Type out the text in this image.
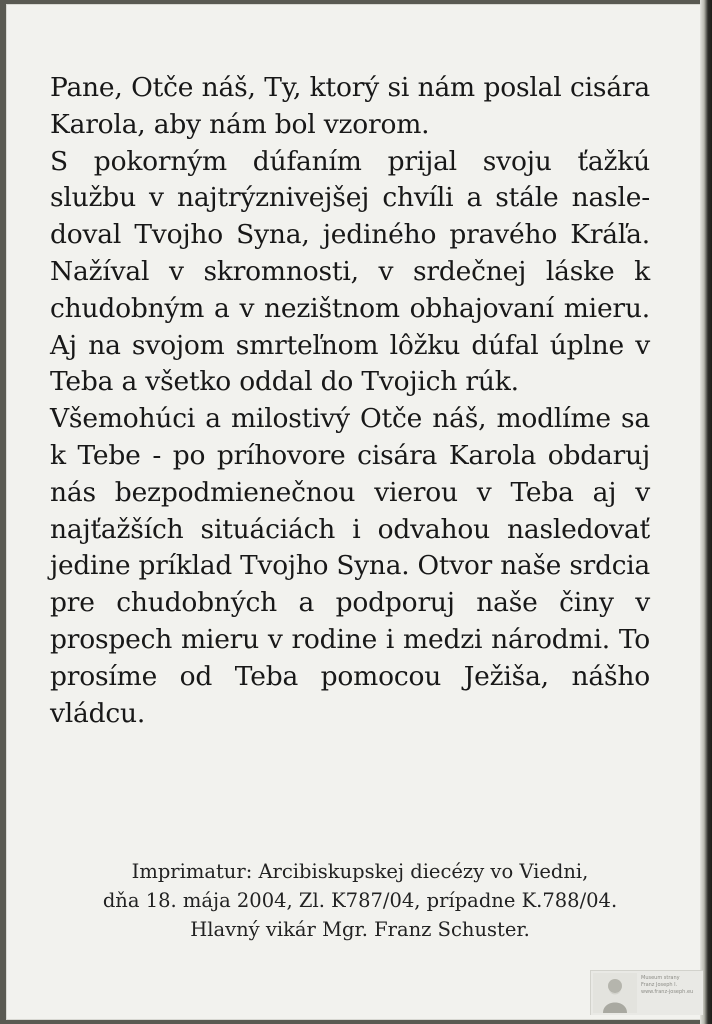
Pane, Otče náš, Ty, ktorý si nám poslal cisára
Karola, aby nám bol vzorom.
S pokorným dúfaním prijal svoju ťažkú
službu v najtrýznivejšej chvíli a stále nasle-
doval Tvojho Syna, jediného pravého Kráľa.
Nažíval v skromnosti, v srdečnej láske k
chudobným a v nezištnom obhajovaní mieru.
Aj na svojom smrteľnom lôžku dúfal úplne v
Teba a všetko oddal do Tvojich rúk.
Všemohúci a milostivý Otče náš, modlíme sa
k Tebe - po príhovore cisára Karola obdaruj
nás bezpodmienečnou vierou v Teba aj v
najťažších situáciách i odvahou nasledovať
jedine príklad Tvojho Syna. Otvor naše srdcia
pre chudobných a podporuj naše činy v
prospech mieru v rodine i medzi národmi. To
prosíme od Teba pomocou Ježiša, nášho
vládcu.
Imprimatur: Arcibiskupskej diecézy vo Viedni,
dňa 18. mája 2004, Zl. K787/04, prípadne K.788/04.
Hlavný vikár Mgr. Franz Schuster.
Museum strany
Franz Joseph I.
www.franz-joseph.eu
